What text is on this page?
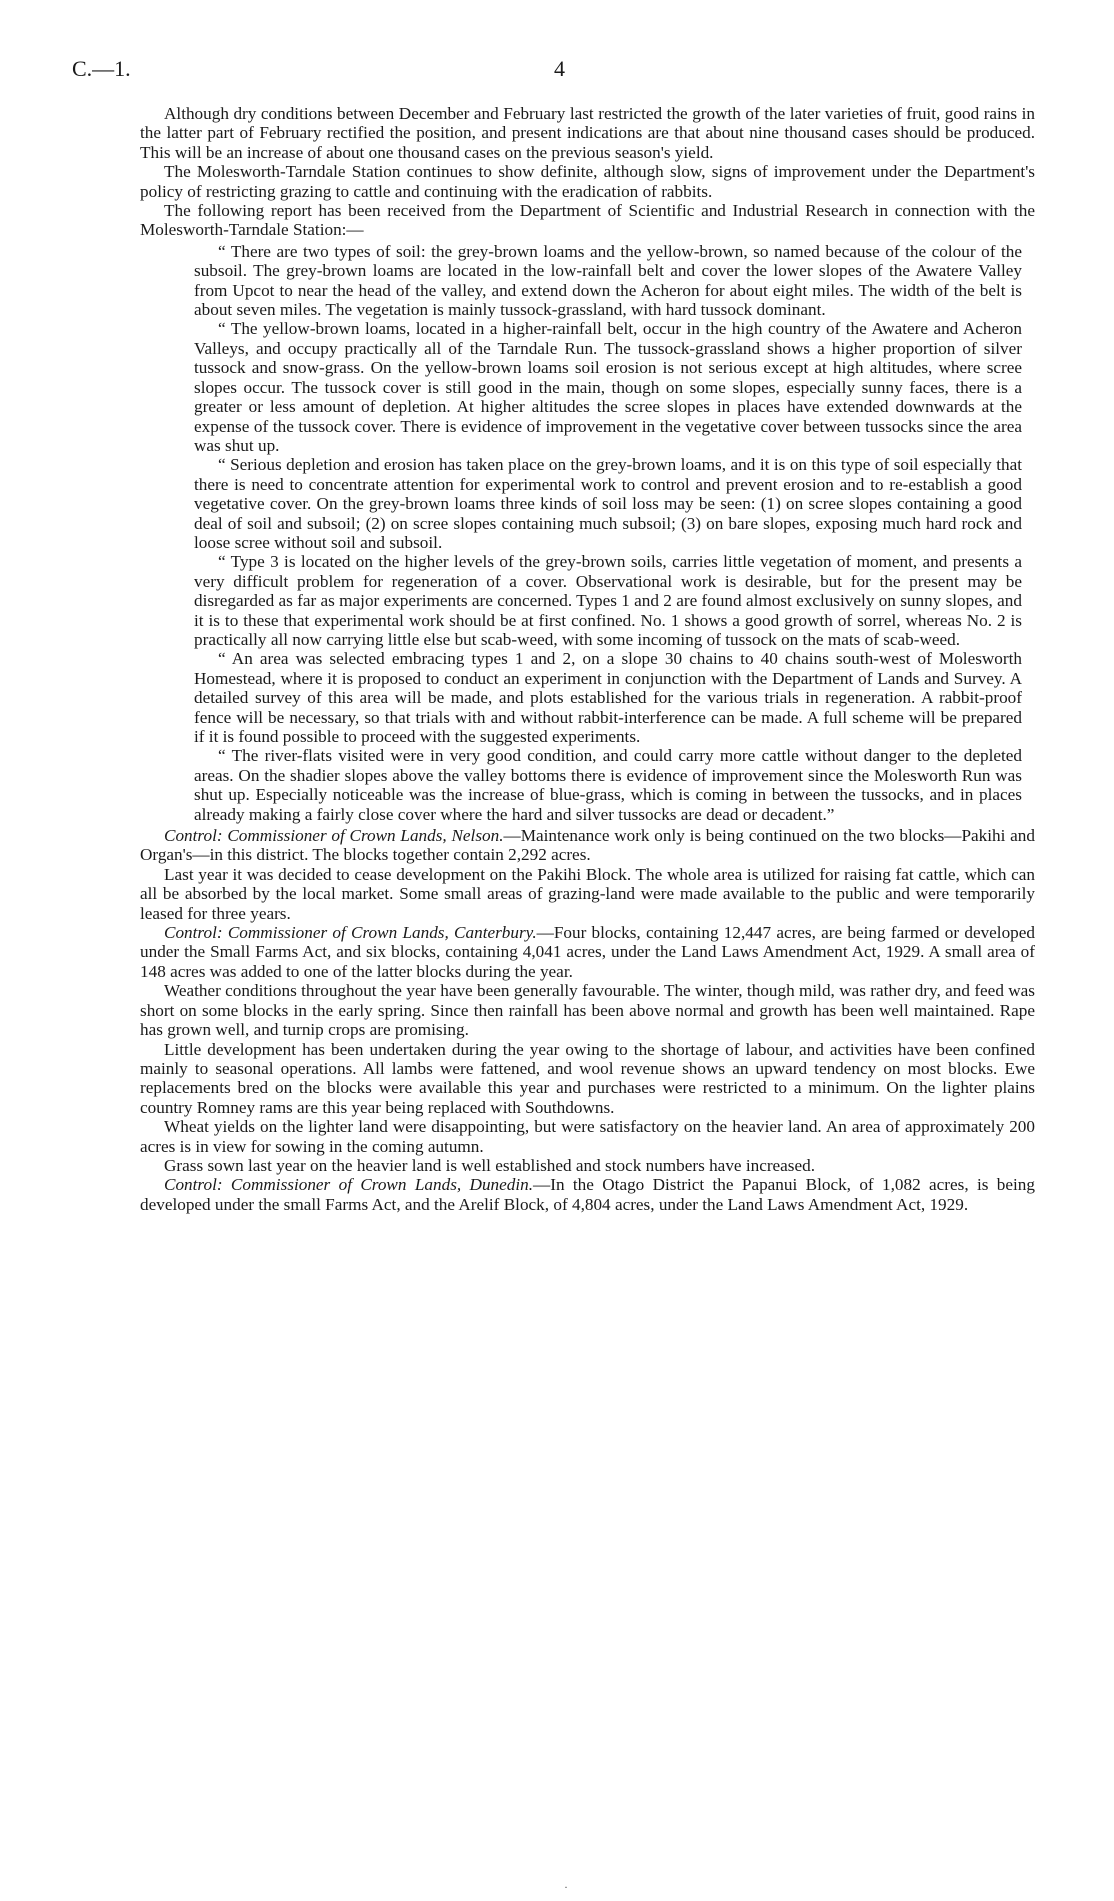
C.—1.	4

Although dry conditions between December and February last restricted the growth of the later varieties of fruit, good rains in the latter part of February rectified the position, and present indications are that about nine thousand cases should be produced. This will be an increase of about one thousand cases on the previous season's yield.

The Molesworth-Tarndale Station continues to show definite, although slow, signs of improvement under the Department's policy of restricting grazing to cattle and continuing with the eradication of rabbits.

The following report has been received from the Department of Scientific and Industrial Research in connection with the Molesworth-Tarndale Station:—

“ There are two types of soil: the grey-brown loams and the yellow-brown, so named because of the colour of the subsoil. The grey-brown loams are located in the low-rainfall belt and cover the lower slopes of the Awatere Valley from Upcot to near the head of the valley, and extend down the Acheron for about eight miles. The width of the belt is about seven miles. The vegetation is mainly tussock-grassland, with hard tussock dominant.

“ The yellow-brown loams, located in a higher-rainfall belt, occur in the high country of the Awatere and Acheron Valleys, and occupy practically all of the Tarndale Run. The tussock-grassland shows a higher proportion of silver tussock and snow-grass. On the yellow-brown loams soil erosion is not serious except at high altitudes, where scree slopes occur. The tussock cover is still good in the main, though on some slopes, especially sunny faces, there is a greater or less amount of depletion. At higher altitudes the scree slopes in places have extended downwards at the expense of the tussock cover. There is evidence of improvement in the vegetative cover between tussocks since the area was shut up.

“ Serious depletion and erosion has taken place on the grey-brown loams, and it is on this type of soil especially that there is need to concentrate attention for experimental work to control and prevent erosion and to re-establish a good vegetative cover. On the grey-brown loams three kinds of soil loss may be seen: (1) on scree slopes containing a good deal of soil and subsoil; (2) on scree slopes containing much subsoil; (3) on bare slopes, exposing much hard rock and loose scree without soil and subsoil.

“ Type 3 is located on the higher levels of the grey-brown soils, carries little vegetation of moment, and presents a very difficult problem for regeneration of a cover. Observational work is desirable, but for the present may be disregarded as far as major experiments are concerned. Types 1 and 2 are found almost exclusively on sunny slopes, and it is to these that experimental work should be at first confined. No. 1 shows a good growth of sorrel, whereas No. 2 is practically all now carrying little else but scab-weed, with some incoming of tussock on the mats of scab-weed.

“ An area was selected embracing types 1 and 2, on a slope 30 chains to 40 chains south-west of Molesworth Homestead, where it is proposed to conduct an experiment in conjunction with the Department of Lands and Survey. A detailed survey of this area will be made, and plots established for the various trials in regeneration. A rabbit-proof fence will be necessary, so that trials with and without rabbit-interference can be made. A full scheme will be prepared if it is found possible to proceed with the suggested experiments.

“ The river-flats visited were in very good condition, and could carry more cattle without danger to the depleted areas. On the shadier slopes above the valley bottoms there is evidence of improvement since the Molesworth Run was shut up. Especially noticeable was the increase of blue-grass, which is coming in between the tussocks, and in places already making a fairly close cover where the hard and silver tussocks are dead or decadent.”

Control: Commissioner of Crown Lands, Nelson.—Maintenance work only is being continued on the two blocks—Pakihi and Organ's—in this district. The blocks together contain 2,292 acres.

Last year it was decided to cease development on the Pakihi Block. The whole area is utilized for raising fat cattle, which can all be absorbed by the local market. Some small areas of grazing-land were made available to the public and were temporarily leased for three years.

Control: Commissioner of Crown Lands, Canterbury.—Four blocks, containing 12,447 acres, are being farmed or developed under the Small Farms Act, and six blocks, containing 4,041 acres, under the Land Laws Amendment Act, 1929. A small area of 148 acres was added to one of the latter blocks during the year.

Weather conditions throughout the year have been generally favourable. The winter, though mild, was rather dry, and feed was short on some blocks in the early spring. Since then rainfall has been above normal and growth has been well maintained. Rape has grown well, and turnip crops are promising.

Little development has been undertaken during the year owing to the shortage of labour, and activities have been confined mainly to seasonal operations. All lambs were fattened, and wool revenue shows an upward tendency on most blocks. Ewe replacements bred on the blocks were available this year and purchases were restricted to a minimum. On the lighter plains country Romney rams are this year being replaced with Southdowns.

Wheat yields on the lighter land were disappointing, but were satisfactory on the heavier land. An area of approximately 200 acres is in view for sowing in the coming autumn.

Grass sown last year on the heavier land is well established and stock numbers have increased.

Control: Commissioner of Crown Lands, Dunedin.—In the Otago District the Papanui Block, of 1,082 acres, is being developed under the small Farms Act, and the Arelif Block, of 4,804 acres, under the Land Laws Amendment Act, 1929.

·
